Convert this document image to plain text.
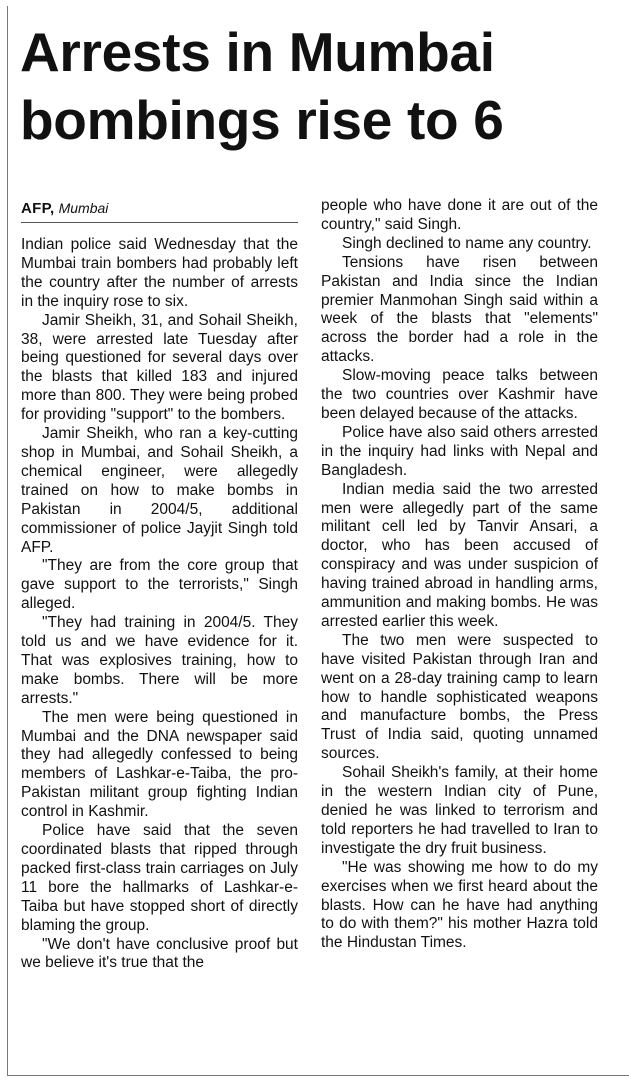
Arrests in Mumbai
bombings rise to 6
AFP, Mumbai

Indian police said Wednesday that the Mumbai train bombers had probably left the country after the number of arrests in the inquiry rose to six.

Jamir Sheikh, 31, and Sohail Sheikh, 38, were arrested late Tuesday after being questioned for several days over the blasts that killed 183 and injured more than 800. They were being probed for providing "support" to the bombers.

Jamir Sheikh, who ran a key-cutting shop in Mumbai, and Sohail Sheikh, a chemical engineer, were allegedly trained on how to make bombs in Pakistan in 2004/5, additional commissioner of police Jayjit Singh told AFP.

"They are from the core group that gave support to the terrorists," Singh alleged.

"They had training in 2004/5. They told us and we have evidence for it. That was explosives training, how to make bombs. There will be more arrests."

The men were being questioned in Mumbai and the DNA newspaper said they had allegedly confessed to being members of Lashkar-e-Taiba, the pro-Pakistan militant group fighting Indian control in Kashmir.

Police have said that the seven coordinated blasts that ripped through packed first-class train carriages on July 11 bore the hallmarks of Lashkar-e-Taiba but have stopped short of directly blaming the group.

"We don't have conclusive proof but we believe it's true that the

people who have done it are out of the country," said Singh.

Singh declined to name any country.

Tensions have risen between Pakistan and India since the Indian premier Manmohan Singh said within a week of the blasts that "elements" across the border had a role in the attacks.

Slow-moving peace talks between the two countries over Kashmir have been delayed because of the attacks.

Police have also said others arrested in the inquiry had links with Nepal and Bangladesh.

Indian media said the two arrested men were allegedly part of the same militant cell led by Tanvir Ansari, a doctor, who has been accused of conspiracy and was under suspicion of having trained abroad in handling arms, ammunition and making bombs. He was arrested earlier this week.

The two men were suspected to have visited Pakistan through Iran and went on a 28-day training camp to learn how to handle sophisticated weapons and manufacture bombs, the Press Trust of India said, quoting unnamed sources.

Sohail Sheikh's family, at their home in the western Indian city of Pune, denied he was linked to terrorism and told reporters he had travelled to Iran to investigate the dry fruit business.

"He was showing me how to do my exercises when we first heard about the blasts. How can he have had anything to do with them?" his mother Hazra told the Hindustan Times.
